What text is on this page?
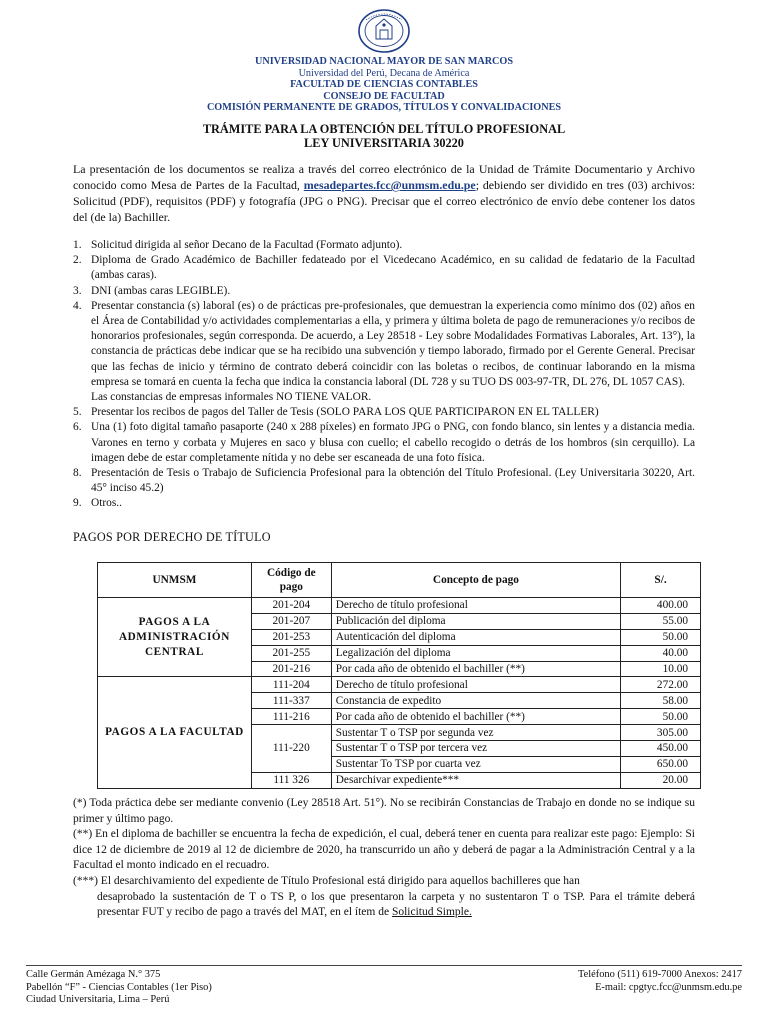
UNIVERSIDAD NACIONAL MAYOR DE SAN MARCOS
Universidad del Perú, Decana de América
FACULTAD DE CIENCIAS CONTABLES
CONSEJO DE FACULTAD
COMISIÓN PERMANENTE DE GRADOS, TÍTULOS Y CONVALIDACIONES
TRÁMITE PARA LA OBTENCIÓN DEL TÍTULO PROFESIONAL
LEY UNIVERSITARIA 30220
La presentación de los documentos se realiza a través del correo electrónico de la Unidad de Trámite Documentario y Archivo conocido como Mesa de Partes de la Facultad, mesadepartes.fcc@unmsm.edu.pe; debiendo ser dividido en tres (03) archivos: Solicitud (PDF), requisitos (PDF) y fotografía (JPG o PNG). Precisar que el correo electrónico de envío debe contener los datos del (de la) Bachiller.
1. Solicitud dirigida al señor Decano de la Facultad (Formato adjunto).
2. Diploma de Grado Académico de Bachiller fedateado por el Vicedecano Académico, en su calidad de fedatario de la Facultad (ambas caras).
3. DNI (ambas caras LEGIBLE).
4. Presentar constancia (s) laboral (es) o de prácticas pre-profesionales, que demuestran la experiencia como mínimo dos (02) años en el Área de Contabilidad y/o actividades complementarias a ella, y primera y última boleta de pago de remuneraciones y/o recibos de honorarios profesionales, según corresponda. De acuerdo, a Ley 28518 - Ley sobre Modalidades Formativas Laborales, Art. 13°), la constancia de prácticas debe indicar que se ha recibido una subvención y tiempo laborado, firmado por el Gerente General. Precisar que las fechas de inicio y término de contrato deberá coincidir con las boletas o recibos, de continuar laborando en la misma empresa se tomará en cuenta la fecha que indica la constancia laboral (DL 728 y su TUO DS 003-97-TR, DL 276, DL 1057 CAS).
Las constancias de empresas informales NO TIENE VALOR.
5. Presentar los recibos de pagos del Taller de Tesis (SOLO PARA LOS QUE PARTICIPARON EN EL TALLER)
6. Una (1) foto digital tamaño pasaporte (240 x 288 píxeles) en formato JPG o PNG, con fondo blanco, sin lentes y a distancia media. Varones en terno y corbata y Mujeres en saco y blusa con cuello; el cabello recogido o detrás de los hombros (sin cerquillo). La imagen debe de estar completamente nítida y no debe ser escaneada de una foto física.
8. Presentación de Tesis o Trabajo de Suficiencia Profesional para la obtención del Título Profesional. (Ley Universitaria 30220, Art. 45° inciso 45.2)
9. Otros..
PAGOS POR DERECHO DE TÍTULO
UNMSM	Código de pago	Concepto de pago	S/.
PAGOS A LA ADMINISTRACIÓN CENTRAL	201-204	Derecho de título profesional	400.00
	201-207	Publicación del diploma	55.00
	201-253	Autenticación del diploma	50.00
	201-255	Legalización del diploma	40.00
	201-216	Por cada año de obtenido el bachiller (**)	10.00
PAGOS A LA FACULTAD	111-204	Derecho de título profesional	272.00
	111-337	Constancia de expedito	58.00
	111-216	Por cada año de obtenido el bachiller (**)	50.00
	111-220	Sustentar T o TSP por segunda vez	305.00
		Sustentar T o TSP por tercera vez	450.00
		Sustentar To TSP por cuarta vez	650.00
	111 326	Desarchivar expediente***	20.00
(*) Toda práctica debe ser mediante convenio (Ley 28518 Art. 51°). No se recibirán Constancias de Trabajo en donde no se indique su primer y último pago.
(**) En el diploma de bachiller se encuentra la fecha de expedición, el cual, deberá tener en cuenta para realizar este pago: Ejemplo: Si dice 12 de diciembre de 2019 al 12 de diciembre de 2020, ha transcurrido un año y deberá de pagar a la Administración Central y a la Facultad el monto indicado en el recuadro.
(***) El desarchivamiento del expediente de Título Profesional está dirigido para aquellos bachilleres que han
desaprobado la sustentación de T o TS P, o los que presentaron la carpeta y no sustentaron T o TSP. Para el trámite deberá presentar FUT y recibo de pago a través del MAT, en el ítem de Solicitud Simple.
Calle Germán Amézaga N.° 375
Pabellón “F” - Ciencias Contables (1er Piso)
Ciudad Universitaria, Lima – Perú
Teléfono (511) 619-7000 Anexos: 2417
E-mail: cpgtyc.fcc@unmsm.edu.pe
